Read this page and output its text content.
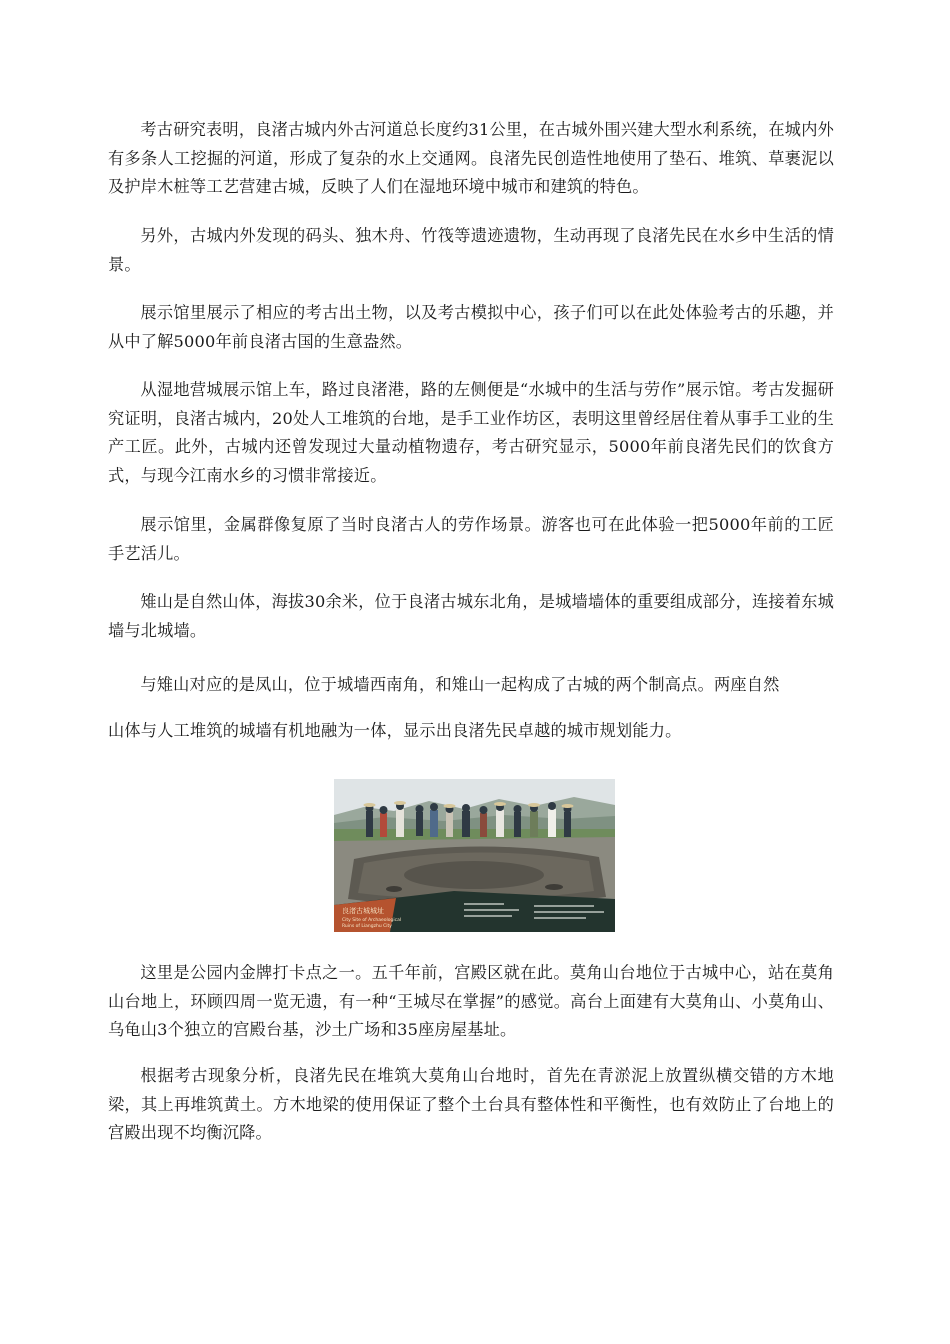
考古研究表明，良渚古城内外古河道总长度约31公里，在古城外围兴建大型水利系统，在城内外有多条人工挖掘的河道，形成了复杂的水上交通网。良渚先民创造性地使用了垫石、堆筑、草裹泥以及护岸木桩等工艺营建古城，反映了人们在湿地环境中城市和建筑的特色。

另外，古城内外发现的码头、独木舟、竹筏等遗迹遗物，生动再现了良渚先民在水乡中生活的情景。

展示馆里展示了相应的考古出土物，以及考古模拟中心，孩子们可以在此处体验考古的乐趣，并从中了解5000年前良渚古国的生意盎然。

从湿地营城展示馆上车，路过良渚港，路的左侧便是“水城中的生活与劳作”展示馆。考古发掘研究证明，良渚古城内，20处人工堆筑的台地，是手工业作坊区，表明这里曾经居住着从事手工业的生产工匠。此外，古城内还曾发现过大量动植物遗存，考古研究显示，5000年前良渚先民们的饮食方式，与现今江南水乡的习惯非常接近。

展示馆里，金属群像复原了当时良渚古人的劳作场景。游客也可在此体验一把5000年前的工匠手艺活儿。

雉山是自然山体，海拔30余米，位于良渚古城东北角，是城墙墙体的重要组成部分，连接着东城墙与北城墙。

与雉山对应的是凤山，位于城墙西南角，和雉山一起构成了古城的两个制高点。两座自然

山体与人工堆筑的城墙有机地融为一体，显示出良渚先民卓越的城市规划能力。

良渚古城城址
City Site of Archaeological
Ruins of Liangzhu City

这里是公园内金牌打卡点之一。五千年前，宫殿区就在此。莫角山台地位于古城中心，站在莫角山台地上，环顾四周一览无遗，有一种“王城尽在掌握”的感觉。高台上面建有大莫角山、小莫角山、乌龟山3个独立的宫殿台基，沙土广场和35座房屋基址。

根据考古现象分析，良渚先民在堆筑大莫角山台地时，首先在青淤泥上放置纵横交错的方木地梁，其上再堆筑黄土。方木地梁的使用保证了整个土台具有整体性和平衡性，也有效防止了台地上的宫殿出现不均衡沉降。
